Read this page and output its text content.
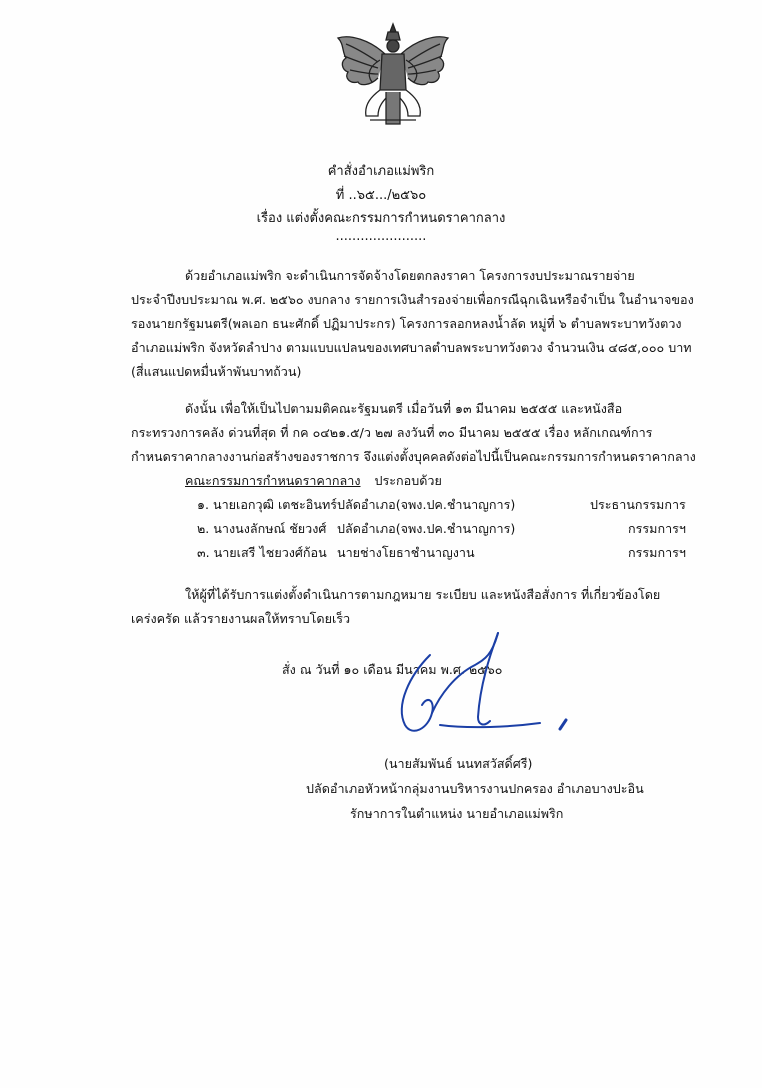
คำสั่งอำเภอแม่พริก
ที่ ..๖๕.../๒๕๖๐
เรื่อง แต่งตั้งคณะกรรมการกำหนดราคากลาง
......................
ด้วยอำเภอแม่พริก จะดำเนินการจัดจ้างโดยตกลงราคา โครงการงบประมาณรายจ่าย
ประจำปีงบประมาณ พ.ศ. ๒๕๖๐ งบกลาง รายการเงินสำรองจ่ายเพื่อกรณีฉุกเฉินหรือจำเป็น ในอำนาจของ
รองนายกรัฐมนตรี(พลเอก ธนะศักดิ์ ปฏิมาประกร) โครงการลอกหลงน้ำลัด หมู่ที่ ๖ ตำบลพระบาทวังตวง
อำเภอแม่พริก จังหวัดลำปาง ตามแบบแปลนของเทศบาลตำบลพระบาทวังตวง จำนวนเงิน ๔๘๕,๐๐๐ บาท
(สี่แสนแปดหมื่นห้าพันบาทถ้วน)
ดังนั้น เพื่อให้เป็นไปตามมติคณะรัฐมนตรี เมื่อวันที่ ๑๓ มีนาคม ๒๕๕๕ และหนังสือ
กระทรวงการคลัง ด่วนที่สุด ที่ กค ๐๔๒๑.๕/ว ๒๗ ลงวันที่ ๓๐ มีนาคม ๒๕๕๕ เรื่อง หลักเกณฑ์การ
กำหนดราคากลางงานก่อสร้างของราชการ จึงแต่งตั้งบุคคลดังต่อไปนี้เป็นคณะกรรมการกำหนดราคากลาง
คณะกรรมการกำหนดราคากลาง ประกอบด้วย
๑. นายเอกวุฒิ เตชะอินทร์ ปลัดอำเภอ(จพง.ปค.ชำนาญการ)	ประธานกรรมการ
๒. นางนงลักษณ์ ชัยวงศ์ ปลัดอำเภอ(จพง.ปค.ชำนาญการ)	กรรมการฯ
๓. นายเสรี ไชยวงศ์ก้อน นายช่างโยธาชำนาญงาน	กรรมการฯ
ให้ผู้ที่ได้รับการแต่งตั้งดำเนินการตามกฎหมาย ระเบียบ และหนังสือสั่งการ ที่เกี่ยวข้องโดย
เคร่งครัด แล้วรายงานผลให้ทราบโดยเร็ว
สั่ง ณ วันที่ ๑๐ เดือน มีนาคม พ.ศ. ๒๕๖๐
(นายสัมพันธ์ นนทสวัสดิ์ศรี)
ปลัดอำเภอหัวหน้ากลุ่มงานบริหารงานปกครอง อำเภอบางปะอิน
รักษาการในตำแหน่ง นายอำเภอแม่พริก
